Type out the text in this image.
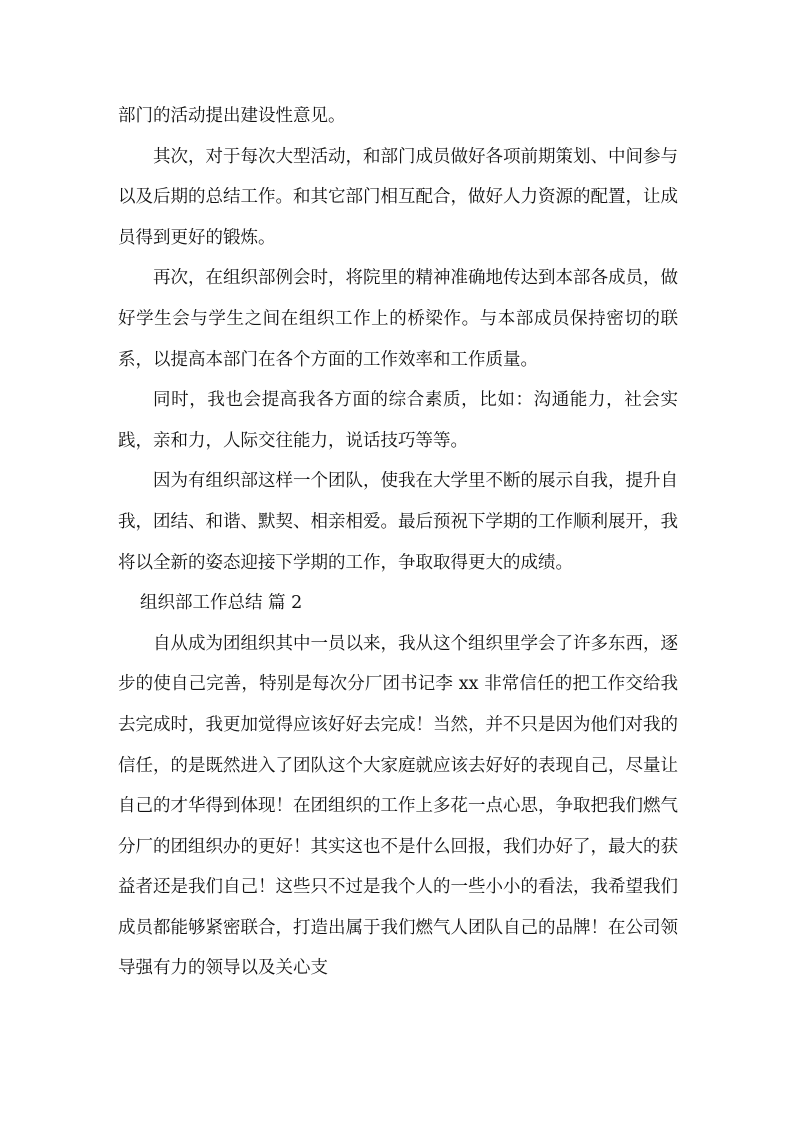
部门的活动提出建设性意见。

其次，对于每次大型活动，和部门成员做好各项前期策划、中间参与以及后期的总结工作。和其它部门相互配合，做好人力资源的配置，让成员得到更好的锻炼。

再次，在组织部例会时，将院里的精神准确地传达到本部各成员，做好学生会与学生之间在组织工作上的桥梁作。与本部成员保持密切的联系，以提高本部门在各个方面的工作效率和工作质量。

同时，我也会提高我各方面的综合素质，比如：沟通能力，社会实践，亲和力，人际交往能力，说话技巧等等。

因为有组织部这样一个团队，使我在大学里不断的展示自我，提升自我，团结、和谐、默契、相亲相爱。最后预祝下学期的工作顺利展开，我将以全新的姿态迎接下学期的工作，争取取得更大的成绩。

组织部工作总结 篇 2

自从成为团组织其中一员以来，我从这个组织里学会了许多东西，逐步的使自己完善，特别是每次分厂团书记李 xx 非常信任的把工作交给我去完成时，我更加觉得应该好好去完成！当然，并不只是因为他们对我的信任，的是既然进入了团队这个大家庭就应该去好好的表现自己，尽量让自己的才华得到体现！在团组织的工作上多花一点心思，争取把我们燃气分厂的团组织办的更好！其实这也不是什么回报，我们办好了，最大的获益者还是我们自己！这些只不过是我个人的一些小小的看法，我希望我们成员都能够紧密联合，打造出属于我们燃气人团队自己的品牌！在公司领导强有力的领导以及关心支
